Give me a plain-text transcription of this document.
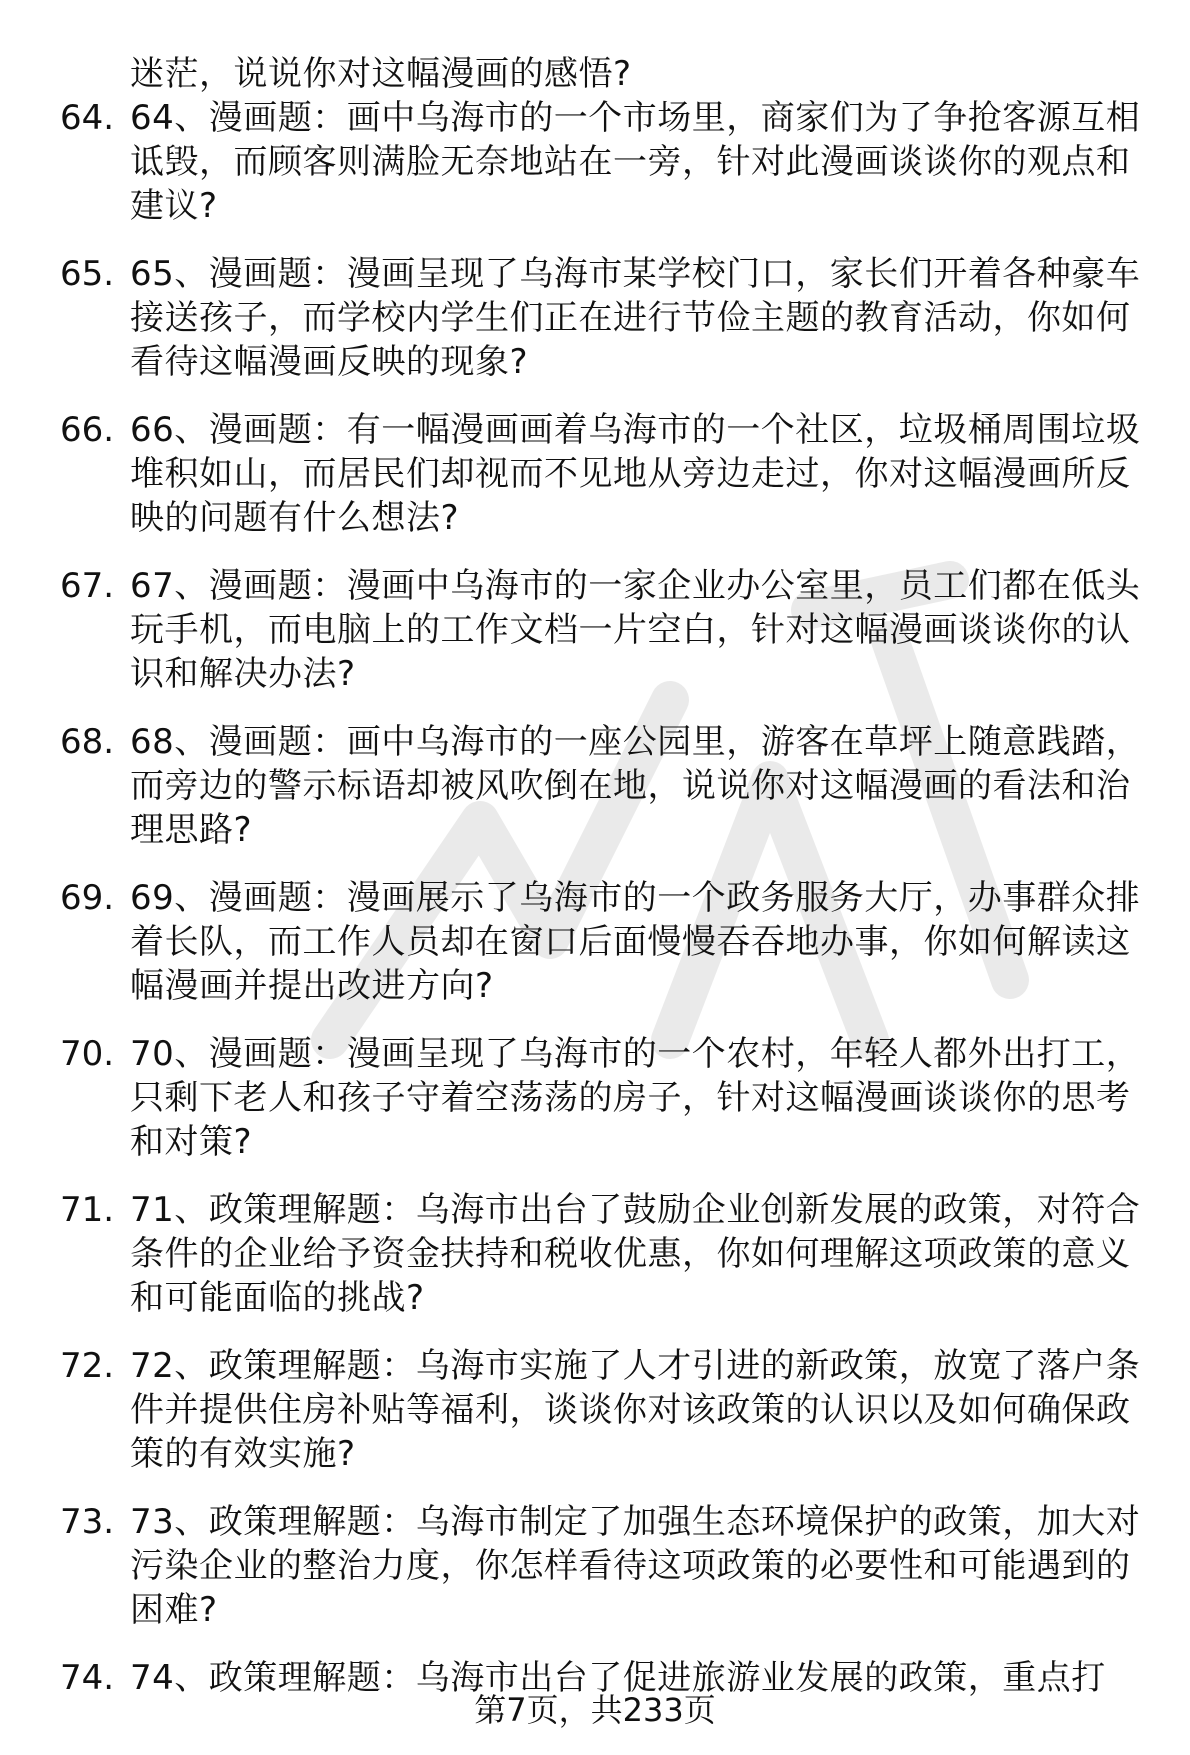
迷茫，说说你对这幅漫画的感悟?

64. 64、漫画题：画中乌海市的一个市场里，商家们为了争抢客源互相诋毁，而顾客则满脸无奈地站在一旁，针对此漫画谈谈你的观点和建议?
65. 65、漫画题：漫画呈现了乌海市某学校门口，家长们开着各种豪车接送孩子，而学校内学生们正在进行节俭主题的教育活动，你如何看待这幅漫画反映的现象?
66. 66、漫画题：有一幅漫画画着乌海市的一个社区，垃圾桶周围垃圾堆积如山，而居民们却视而不见地从旁边走过，你对这幅漫画所反映的问题有什么想法?
67. 67、漫画题：漫画中乌海市的一家企业办公室里，员工们都在低头玩手机，而电脑上的工作文档一片空白，针对这幅漫画谈谈你的认识和解决办法?
68. 68、漫画题：画中乌海市的一座公园里，游客在草坪上随意践踏，而旁边的警示标语却被风吹倒在地，说说你对这幅漫画的看法和治理思路?
69. 69、漫画题：漫画展示了乌海市的一个政务服务大厅，办事群众排着长队，而工作人员却在窗口后面慢慢吞吞地办事，你如何解读这幅漫画并提出改进方向?
70. 70、漫画题：漫画呈现了乌海市的一个农村，年轻人都外出打工，只剩下老人和孩子守着空荡荡的房子，针对这幅漫画谈谈你的思考和对策?
71. 71、政策理解题：乌海市出台了鼓励企业创新发展的政策，对符合条件的企业给予资金扶持和税收优惠，你如何理解这项政策的意义和可能面临的挑战?
72. 72、政策理解题：乌海市实施了人才引进的新政策，放宽了落户条件并提供住房补贴等福利，谈谈你对该政策的认识以及如何确保政策的有效实施?
73. 73、政策理解题：乌海市制定了加强生态环境保护的政策，加大对污染企业的整治力度，你怎样看待这项政策的必要性和可能遇到的困难?
74. 74、政策理解题：乌海市出台了促进旅游业发展的政策，重点打
第7页，共233页
